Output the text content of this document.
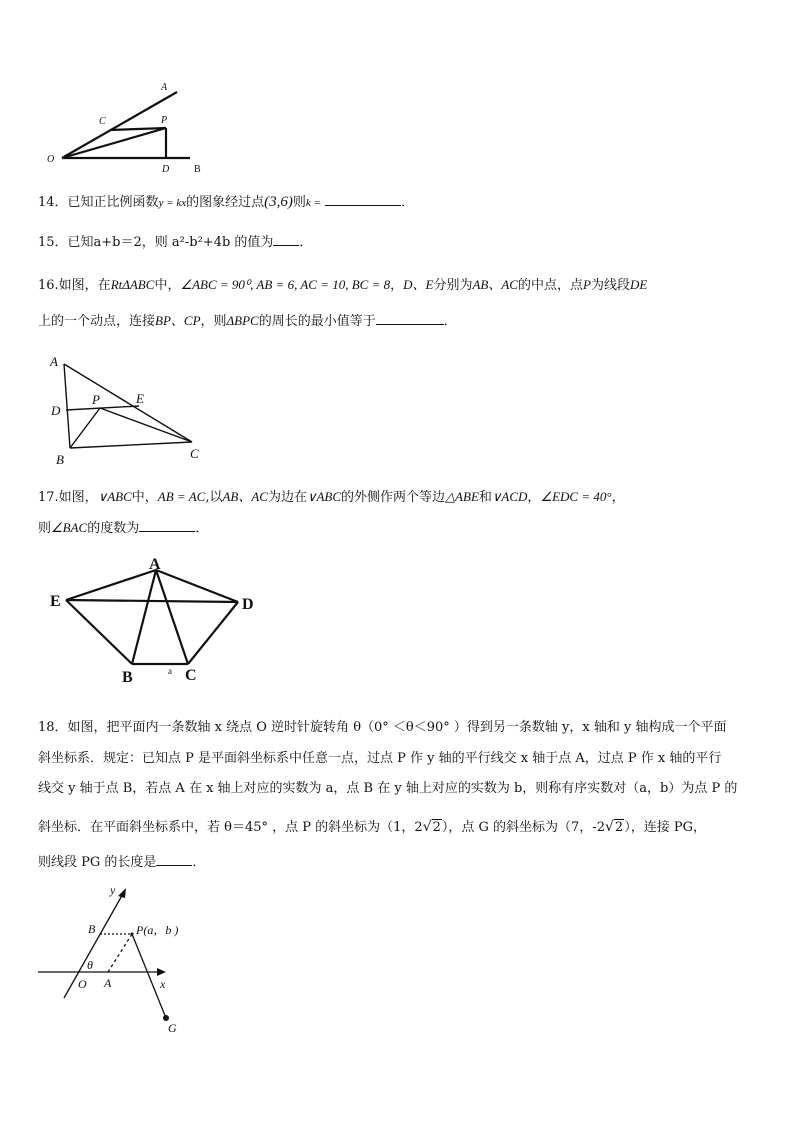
A
C	P
O
D B
14．已知正比例函数y = kx的图象经过点(3,6)则k =	．
15．已知a+b＝2，则 a²-b²+4b 的值为 ．
16.如图，在RtΔABC中，∠ABC = 90⁰, AB = 6, AC = 10, BC = 8，D、E分别为AB、AC的中点，点P为线段DE
上的一个动点，连接BP、CP，则ΔBPC的周长的最小值等于	．
A
D
P	E
B	C
17.如图，∨ABC中，AB = AC,以AB、AC为边在∨ABC的外侧作两个等边△ABE和∨ACD，∠EDC = 40°，
则∠BAC的度数为	．
A
E	D
B	C
a
18．如图，把平面内一条数轴 x 绕点 O 逆时针旋转角 θ（0° ＜θ＜90° ）得到另一条数轴 y，x 轴和 y 轴构成一个平面
斜坐标系．规定：已知点 P 是平面斜坐标系中任意一点，过点 P 作 y 轴的平行线交 x 轴于点 A，过点 P 作 x 轴的平行
线交 y 轴于点 B，若点 A 在 x 轴上对应的实数为 a，点 B 在 y 轴上对应的实数为 b，则称有序实数对（a，b）为点 P 的
斜坐标．在平面斜坐标系中，若 θ＝45° ，点 P 的斜坐标为（1，2√2），点 G 的斜坐标为（7，-2√2），连接 PG，
则线段 PG 的长度是	．
y
B	P(a，b )
θ
O A	x
G
